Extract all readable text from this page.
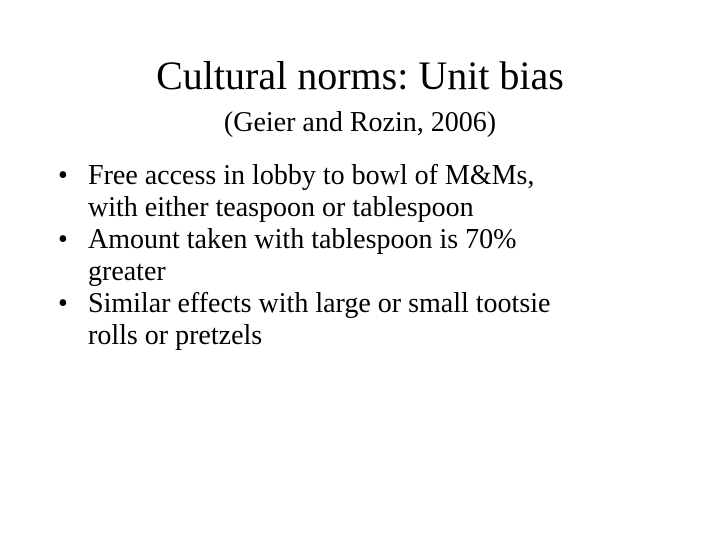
Cultural norms: Unit bias
(Geier and Rozin, 2006)
• Free access in lobby to bowl of M&Ms,
with either teaspoon or tablespoon
• Amount taken with tablespoon is 70%
greater
• Similar effects with large or small tootsie
rolls or pretzels
